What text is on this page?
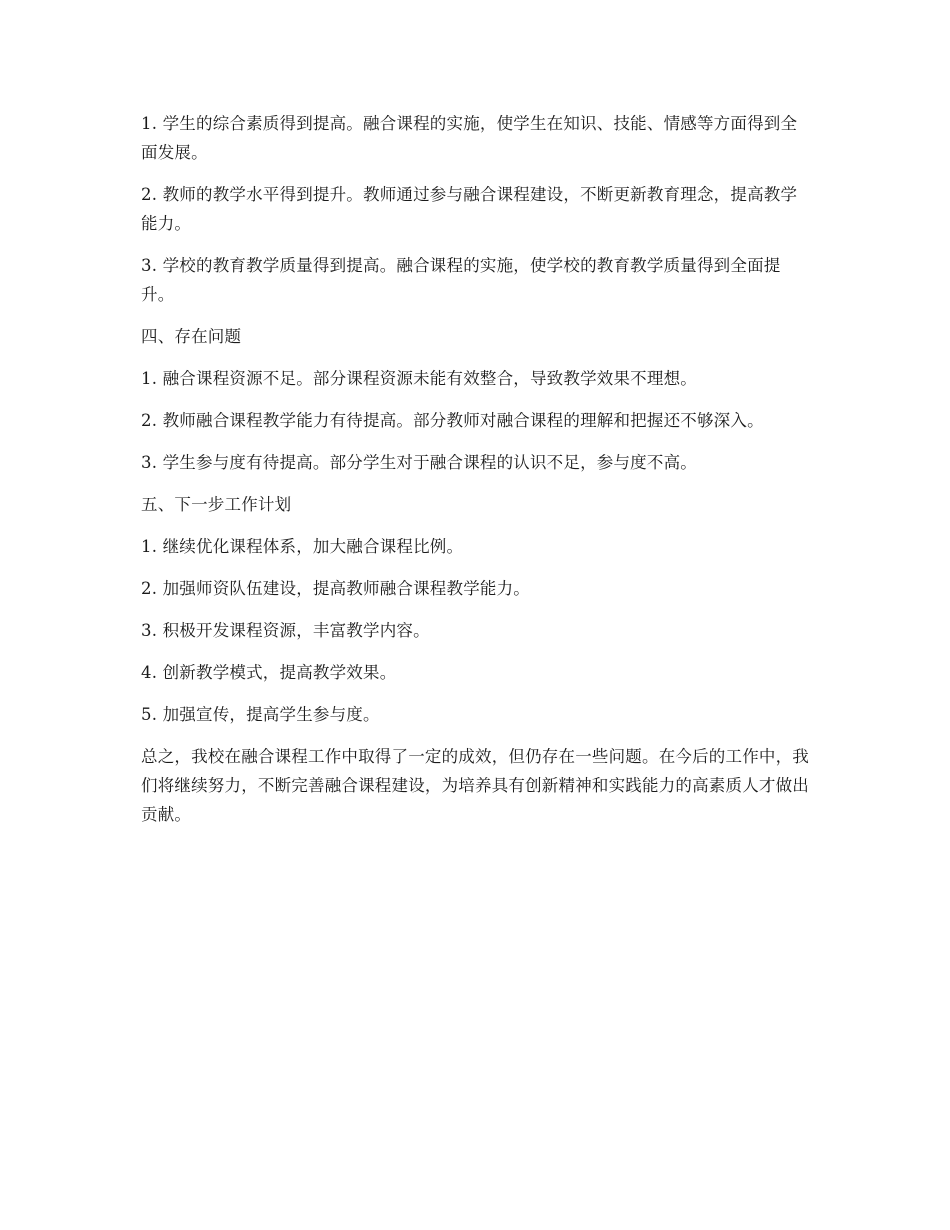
1. 学生的综合素质得到提高。融合课程的实施，使学生在知识、技能、情感等方面得到全面发展。

2. 教师的教学水平得到提升。教师通过参与融合课程建设，不断更新教育理念，提高教学能力。

3. 学校的教育教学质量得到提高。融合课程的实施，使学校的教育教学质量得到全面提升。

四、存在问题

1. 融合课程资源不足。部分课程资源未能有效整合，导致教学效果不理想。

2. 教师融合课程教学能力有待提高。部分教师对融合课程的理解和把握还不够深入。

3. 学生参与度有待提高。部分学生对于融合课程的认识不足，参与度不高。

五、下一步工作计划

1. 继续优化课程体系，加大融合课程比例。

2. 加强师资队伍建设，提高教师融合课程教学能力。

3. 积极开发课程资源，丰富教学内容。

4. 创新教学模式，提高教学效果。

5. 加强宣传，提高学生参与度。

总之，我校在融合课程工作中取得了一定的成效，但仍存在一些问题。在今后的工作中，我们将继续努力，不断完善融合课程建设，为培养具有创新精神和实践能力的高素质人才做出贡献。
